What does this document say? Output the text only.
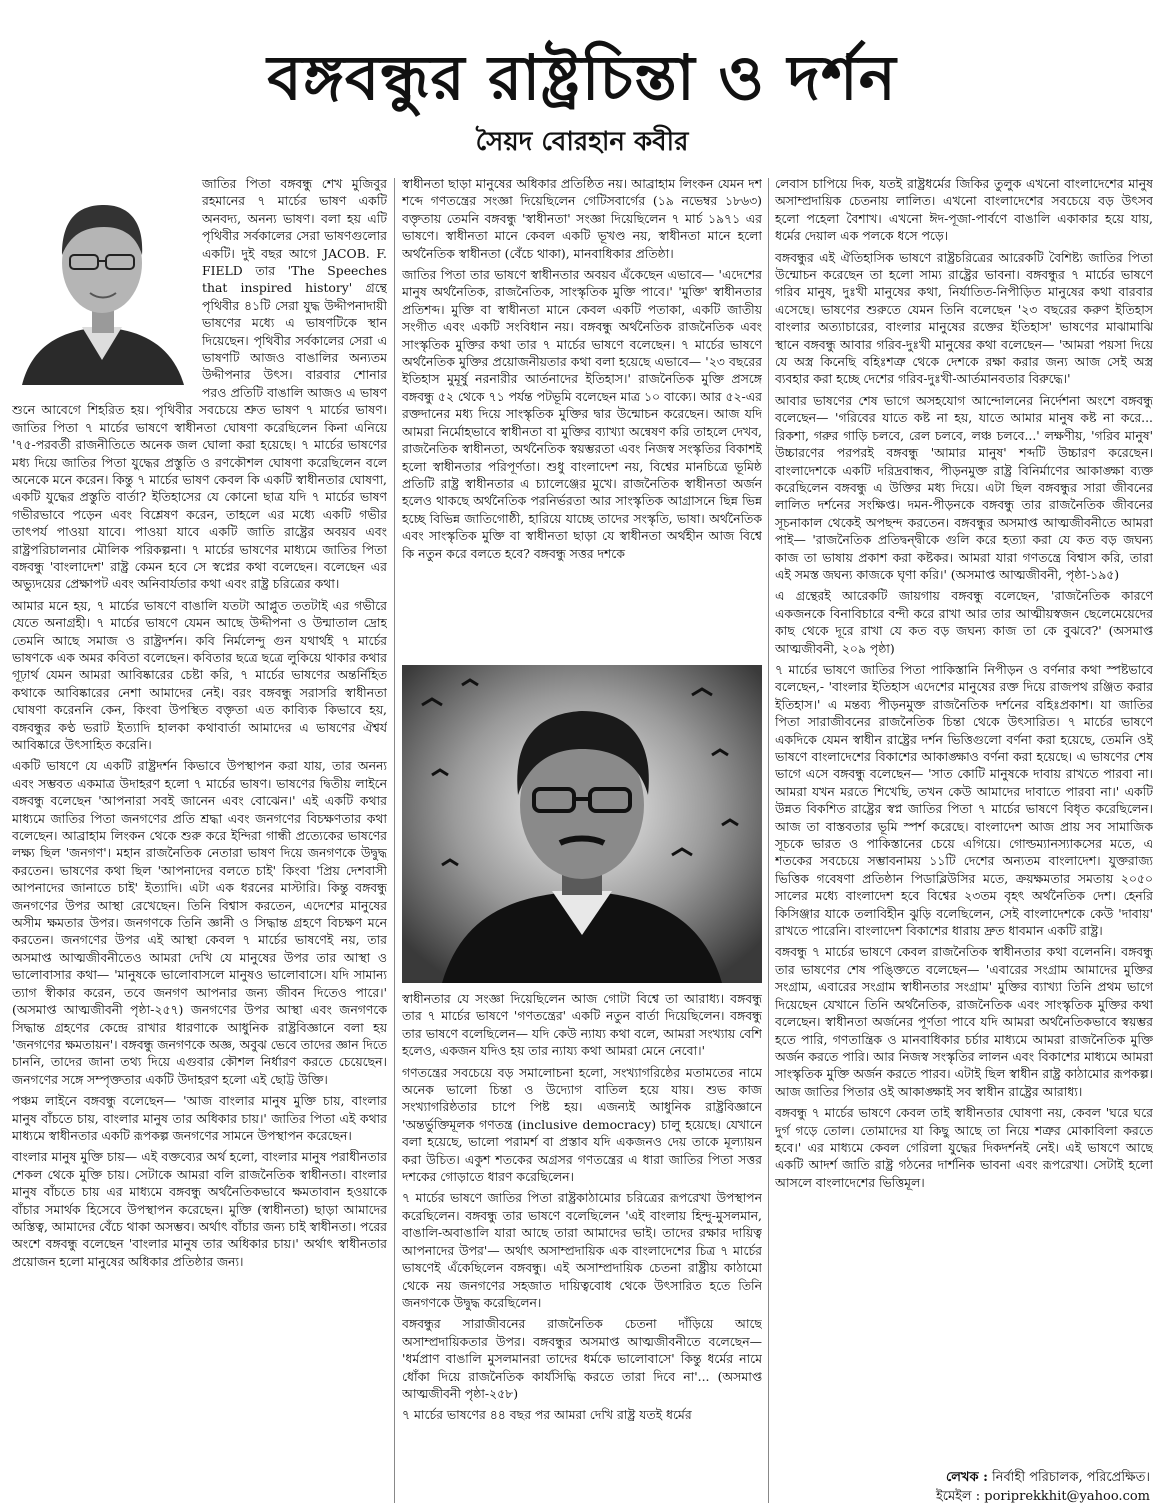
বঙ্গবন্ধুর রাষ্ট্রচিন্তা ও দর্শন
সৈয়দ বোরহান কবীর

জাতির পিতা বঙ্গবন্ধু শেখ মুজিবুর রহমানের ৭ মার্চের ভাষণ একটি অনবদ্য, অনন্য ভাষণ। বলা হয় এটি পৃথিবীর সর্বকালের সেরা ভাষণগুলোর একটি। দুই বছর আগে JACOB. F. FIELD তার 'The Speeches that inspired history' গ্রন্থে পৃথিবীর ৪১টি সেরা যুদ্ধ উদ্দীপনাদায়ী ভাষণের মধ্যে এ ভাষণটিকে স্থান দিয়েছেন। পৃথিবীর সর্বকালের সেরা এ ভাষণটি আজও বাঙালির অন্যতম উদ্দীপনার উৎস। বারবার শোনার পরও প্রতিটি বাঙালি আজও এ ভাষণ শুনে আবেগে শিহরিত হয়। পৃথিবীর সবচেয়ে শ্রুত ভাষণ ৭ মার্চের ভাষণ। জাতির পিতা ৭ মার্চের ভাষণে স্বাধীনতা ঘোষণা করেছিলেন কিনা এনিয়ে '৭৫-পরবর্তী রাজনীতিতে অনেক জল ঘোলা করা হয়েছে। ৭ মার্চের ভাষণের মধ্য দিয়ে জাতির পিতা যুদ্ধের প্রস্তুতি ও রণকৌশল ঘোষণা করেছিলেন বলে অনেকে মনে করেন। কিন্তু ৭ মার্চের ভাষণ কেবল কি একটি স্বাধীনতার ঘোষণা, একটি যুদ্ধের প্রস্তুতি বার্তা? ইতিহাসের যে কোনো ছাত্র যদি ৭ মার্চের ভাষণ গভীরভাবে পড়েন এবং বিশ্লেষণ করেন, তাহলে এর মধ্যে একটি গভীর তাৎপর্য পাওয়া যাবে। পাওয়া যাবে একটি জাতি রাষ্ট্রের অবয়ব এবং রাষ্ট্রপরিচালনার মৌলিক পরিকল্পনা। ৭ মার্চের ভাষণের মাধ্যমে জাতির পিতা বঙ্গবন্ধু 'বাংলাদেশ' রাষ্ট্র কেমন হবে সে স্বপ্নের কথা বলেছেন। বলেছেন এর অভ্যুদয়ের প্রেক্ষাপট এবং অনিবার্যতার কথা এবং রাষ্ট্র চরিত্রের কথা।

আমার মনে হয়, ৭ মার্চের ভাষণে বাঙালি যতটা আপ্লুত ততটাই এর গভীরে যেতে অনাগ্রহী। ৭ মার্চের ভাষণে যেমন আছে উদ্দীপনা ও উন্মাতাল দ্রোহ তেমনি আছে সমাজ ও রাষ্ট্রদর্শন। কবি নির্মলেন্দু গুন যথার্থই ৭ মার্চের ভাষণকে এক অমর কবিতা বলেছেন। কবিতার ছত্রে ছত্রে লুকিয়ে থাকার কথার গূঢ়ার্থ যেমন আমরা আবিষ্কারের চেষ্টা করি, ৭ মার্চের ভাষণের অন্তর্নিহিত কথাকে আবিষ্কারের নেশা আমাদের নেই। বরং বঙ্গবন্ধু সরাসরি স্বাধীনতা ঘোষণা করেননি কেন, কিংবা উপস্থিত বক্তৃতা এত কাব্যিক কিভাবে হয়, বঙ্গবন্ধুর কণ্ঠ ভরাট ইত্যাদি হালকা কথাবার্তা আমাদের এ ভাষণের ঐশ্বর্য আবিষ্কারে উৎসাহিত করেনি।

একটি ভাষণে যে একটি রাষ্ট্রদর্শন কিভাবে উপস্থাপন করা যায়, তার অনন্য এবং সম্ভবত একমাত্র উদাহরণ হলো ৭ মার্চের ভাষণ। ভাষণের দ্বিতীয় লাইনে বঙ্গবন্ধু বলেছেন 'আপনারা সবই জানেন এবং বোঝেন।' এই একটি কথার মাধ্যমে জাতির পিতা জনগণের প্রতি শ্রদ্ধা এবং জনগণের বিচক্ষণতার কথা বলেছেন। আব্রাহাম লিংকন থেকে শুরু করে ইন্দিরা গান্ধী প্রত্যেকের ভাষণের লক্ষ্য ছিল 'জনগণ'। মহান রাজনৈতিক নেতারা ভাষণ দিয়ে জনগণকে উদ্বুদ্ধ করতেন। ভাষণের কথা ছিল 'আপনাদের বলতে চাই' কিংবা 'প্রিয় দেশবাসী আপনাদের জানাতে চাই' ইত্যাদি। এটা এক ধরনের মাস্টারি। কিন্তু বঙ্গবন্ধু জনগণের উপর আস্থা রেখেছেন। তিনি বিশ্বাস করতেন, এদেশের মানুষের অসীম ক্ষমতার উপর। জনগণকে তিনি জ্ঞানী ও সিদ্ধান্ত গ্রহণে বিচক্ষণ মনে করতেন। জনগণের উপর এই আস্থা কেবল ৭ মার্চের ভাষণেই নয়, তার অসমাপ্ত আত্মজীবনীতেও আমরা দেখি যে মানুষের উপর তার আস্থা ও ভালোবাসার কথা— 'মানুষকে ভালোবাসলে মানুষও ভালোবাসে। যদি সামান্য ত্যাগ স্বীকার করেন, তবে জনগণ আপনার জন্য জীবন দিতেও পারে।' (অসমাপ্ত আত্মজীবনী পৃষ্ঠা-২৫৭) জনগণের উপর আস্থা এবং জনগণকে সিদ্ধান্ত গ্রহণের কেন্দ্রে রাখার ধারণাকে আধুনিক রাষ্ট্রবিজ্ঞানে বলা হয় 'জনগণের ক্ষমতায়ন'। বঙ্গবন্ধু জনগণকে অজ্ঞ, অবুঝ ভেবে তাদের জ্ঞান দিতে চাননি, তাদের জানা তথ্য দিয়ে এগুবার কৌশল নির্ধারণ করতে চেয়েছেন। জনগণের সঙ্গে সম্পৃক্ততার একটি উদাহরণ হলো এই ছোট্ট উক্তি।

পঞ্চম লাইনে বঙ্গবন্ধু বলেছেন— 'আজ বাংলার মানুষ মুক্তি চায়, বাংলার মানুষ বাঁচতে চায়, বাংলার মানুষ তার অধিকার চায়।' জাতির পিতা এই কথার মাধ্যমে স্বাধীনতার একটি রূপকল্প জনগণের সামনে উপস্থাপন করেছেন।

বাংলার মানুষ মুক্তি চায়— এই বক্তব্যের অর্থ হলো, বাংলার মানুষ পরাধীনতার শেকল থেকে মুক্তি চায়। সেটাকে আমরা বলি রাজনৈতিক স্বাধীনতা। বাংলার মানুষ বাঁচতে চায় এর মাধ্যমে বঙ্গবন্ধু অর্থনৈতিকভাবে ক্ষমতাবান হওয়াকে বাঁচার সমার্থক হিসেবে উপস্থাপন করেছেন। মুক্তি (স্বাধীনতা) ছাড়া আমাদের অস্তিত্ব, আমাদের বেঁচে থাকা অসম্ভব। অর্থাৎ বাঁচার জন্য চাই স্বাধীনতা। পরের অংশে বঙ্গবন্ধু বলেছেন 'বাংলার মানুষ তার অধিকার চায়।' অর্থাৎ স্বাধীনতার প্রয়োজন হলো মানুষের অধিকার প্রতিষ্ঠার জন্য।

স্বাধীনতা ছাড়া মানুষের অধিকার প্রতিষ্ঠিত নয়। আব্রাহাম লিংকন যেমন দশ শব্দে গণতন্ত্রের সংজ্ঞা দিয়েছিলেন গেটিসবার্গের (১৯ নভেম্বর ১৮৬৩) বক্তৃতায় তেমনি বঙ্গবন্ধু 'স্বাধীনতা' সংজ্ঞা দিয়েছিলেন ৭ মার্চ ১৯৭১ এর ভাষণে। স্বাধীনতা মানে কেবল একটি ভূখণ্ড নয়, স্বাধীনতা মানে হলো অর্থনৈতিক স্বাধীনতা (বেঁচে থাকা), মানবাধিকার প্রতিষ্ঠা।

জাতির পিতা তার ভাষণে স্বাধীনতার অবয়ব এঁকেছেন এভাবে— 'এদেশের মানুষ অর্থনৈতিক, রাজনৈতিক, সাংস্কৃতিক মুক্তি পাবে।' 'মুক্তি' স্বাধীনতার প্রতিশব্দ। মুক্তি বা স্বাধীনতা মানে কেবল একটি পতাকা, একটি জাতীয় সংগীত এবং একটি সংবিধান নয়। বঙ্গবন্ধু অর্থনৈতিক রাজনৈতিক এবং সাংস্কৃতিক মুক্তির কথা তার ৭ মার্চের ভাষণে বলেছেন। ৭ মার্চের ভাষণে অর্থনৈতিক মুক্তির প্রয়োজনীয়তার কথা বলা হয়েছে এভাবে— '২৩ বছরের ইতিহাস মুমূর্ষু নরনারীর আর্তনাদের ইতিহাস।' রাজনৈতিক মুক্তি প্রসঙ্গে বঙ্গবন্ধু ৫২ থেকে ৭১ পর্যন্ত পটভূমি বলেছেন মাত্র ১০ বাক্যে। আর ৫২-এর রক্তদানের মধ্য দিয়ে সাংস্কৃতিক মুক্তির দ্বার উন্মোচন করেছেন। আজ যদি আমরা নির্মোহভাবে স্বাধীনতা বা মুক্তির ব্যাখ্যা অন্বেষণ করি তাহলে দেখব, রাজনৈতিক স্বাধীনতা, অর্থনৈতিক স্বয়ম্ভরতা এবং নিজস্ব সংস্কৃতির বিকাশই হলো স্বাধীনতার পরিপূর্ণতা। শুধু বাংলাদেশ নয়, বিশ্বের মানচিত্রে ভূমিষ্ঠ প্রতিটি রাষ্ট্র স্বাধীনতার এ চ্যালেঞ্জের মুখে। রাজনৈতিক স্বাধীনতা অর্জন হলেও থাকছে অর্থনৈতিক পরনির্ভরতা আর সাংস্কৃতিক আগ্রাসনে ছিন্ন ভিন্ন হচ্ছে বিভিন্ন জাতিগোষ্ঠী, হারিয়ে যাচ্ছে তাদের সংস্কৃতি, ভাষা। অর্থনৈতিক এবং সাংস্কৃতিক মুক্তি বা স্বাধীনতা ছাড়া যে স্বাধীনতা অর্থহীন আজ বিশ্বে কি নতুন করে বলতে হবে? বঙ্গবন্ধু সত্তর দশকে

স্বাধীনতার যে সংজ্ঞা দিয়েছিলেন আজ গোটা বিশ্বে তা আরাধ্য। বঙ্গবন্ধু তার ৭ মার্চের ভাষণে 'গণতন্ত্রের' একটি নতুন বার্তা দিয়েছিলেন। বঙ্গবন্ধু তার ভাষণে বলেছিলেন— যদি কেউ ন্যায্য কথা বলে, আমরা সংখ্যায় বেশি হলেও, একজন যদিও হয় তার ন্যায্য কথা আমরা মেনে নেবো।'

গণতন্ত্রের সবচেয়ে বড় সমালোচনা হলো, সংখ্যাগরিষ্ঠের মতামতের নামে অনেক ভালো চিন্তা ও উদ্যোগ বাতিল হয়ে যায়। শুভ কাজ সংখ্যাগরিষ্ঠতার চাপে পিষ্ট হয়। এজন্যই আধুনিক রাষ্ট্রবিজ্ঞানে 'অন্তর্ভুক্তিমূলক গণতন্ত্র (inclusive democracy) চালু হয়েছে। যেখানে বলা হয়েছে, ভালো পরামর্শ বা প্রস্তাব যদি একজনও দেয় তাকে মূল্যায়ন করা উচিত। একুশ শতকের অগ্রসর গণতন্ত্রের এ ধারা জাতির পিতা সত্তর দশকের গোড়াতে ধারণ করেছিলেন।

৭ মার্চের ভাষণে জাতির পিতা রাষ্ট্রকাঠামোর চরিত্রের রূপরেখা উপস্থাপন করেছিলেন। বঙ্গবন্ধু তার ভাষণে বলেছিলেন 'এই বাংলায় হিন্দু-মুসলমান, বাঙালি-অবাঙালি যারা আছে তারা আমাদের ভাই। তাদের রক্ষার দায়িত্ব আপনাদের উপর'— অর্থাৎ অসাম্প্রদায়িক এক বাংলাদেশের চিত্র ৭ মার্চের ভাষণেই এঁকেছিলেন বঙ্গবন্ধু। এই অসাম্প্রদায়িক চেতনা রাষ্ট্রীয় কাঠামো থেকে নয় জনগণের সহজাত দায়িত্ববোধ থেকে উৎসারিত হতে তিনি জনগণকে উদ্বুদ্ধ করেছিলেন।

বঙ্গবন্ধুর সারাজীবনের রাজনৈতিক চেতনা দাঁড়িয়ে আছে অসাম্প্রদায়িকতার উপর। বঙ্গবন্ধুর অসমাপ্ত আত্মজীবনীতে বলেছেন— 'ধর্মপ্রাণ বাঙালি মুসলমানরা তাদের ধর্মকে ভালোবাসে' কিন্তু ধর্মের নামে ধোঁকা দিয়ে রাজনৈতিক কার্যসিদ্ধি করতে তারা দিবে না'... (অসমাপ্ত আত্মজীবনী পৃষ্ঠা-২৫৮)

৭ মার্চের ভাষণের ৪৪ বছর পর আমরা দেখি রাষ্ট্র যতই ধর্মের

লেবাস চাপিয়ে দিক, যতই রাষ্ট্রধর্মের জিকির তুলুক এখনো বাংলাদেশের মানুষ অসাম্প্রদায়িক চেতনায় লালিত। এখনো বাংলাদেশের সবচেয়ে বড় উৎসব হলো পহেলা বৈশাখ। এখনো ঈদ-পূজা-পার্বণে বাঙালি একাকার হয়ে যায়, ধর্মের দেয়াল এক পলকে ধসে পড়ে।

বঙ্গবন্ধুর এই ঐতিহাসিক ভাষণে রাষ্ট্রচরিত্রের আরেকটি বৈশিষ্ট্য জাতির পিতা উন্মোচন করেছেন তা হলো সাম্য রাষ্ট্রের ভাবনা। বঙ্গবন্ধুর ৭ মার্চের ভাষণে গরিব মানুষ, দুঃখী মানুষের কথা, নির্যাতিত-নিপীড়িত মানুষের কথা বারবার এসেছে। ভাষণের শুরুতে যেমন তিনি বলেছেন '২৩ বছরের করুণ ইতিহাস বাংলার অত্যাচারের, বাংলার মানুষের রক্তের ইতিহাস' ভাষণের মাঝামাঝি স্থানে বঙ্গবন্ধু আবার গরিব-দুঃখী মানুষের কথা বলেছেন— 'আমরা পয়সা দিয়ে যে অস্ত্র কিনেছি বহিঃশত্রু থেকে দেশকে রক্ষা করার জন্য আজ সেই অস্ত্র ব্যবহার করা হচ্ছে দেশের গরিব-দুঃখী-আর্তমানবতার বিরুদ্ধে।'

আবার ভাষণের শেষ ভাগে অসহযোগ আন্দোলনের নির্দেশনা অংশে বঙ্গবন্ধু বলেছেন— 'গরিবের যাতে কষ্ট না হয়, যাতে আমার মানুষ কষ্ট না করে... রিকশা, গরুর গাড়ি চলবে, রেল চলবে, লঞ্চ চলবে...' লক্ষণীয়, 'গরিব মানুষ' উচ্চারণের পরপরই বঙ্গবন্ধু 'আমার মানুষ' শব্দটি উচ্চারণ করেছেন। বাংলাদেশকে একটি দরিদ্রবান্ধব, পীড়নমুক্ত রাষ্ট্র বিনির্মাণের আকাঙ্ক্ষা ব্যক্ত করেছিলেন বঙ্গবন্ধু এ উক্তির মধ্য দিয়ে। এটা ছিল বঙ্গবন্ধুর সারা জীবনের লালিত দর্শনের সংক্ষিপ্ত। দমন-পীড়নকে বঙ্গবন্ধু তার রাজনৈতিক জীবনের সূচনাকাল থেকেই অপছন্দ করতেন। বঙ্গবন্ধুর অসমাপ্ত আত্মজীবনীতে আমরা পাই— 'রাজনৈতিক প্রতিদ্বন্দ্বীকে গুলি করে হত্যা করা যে কত বড় জঘন্য কাজ তা ভাষায় প্রকাশ করা কষ্টকর। আমরা যারা গণতন্ত্রে বিশ্বাস করি, তারা এই সমস্ত জঘন্য কাজকে ঘৃণা করি।' (অসমাপ্ত আত্মজীবনী, পৃষ্ঠা-১৯৫)

এ গ্রন্থেরই আরেকটি জায়গায় বঙ্গবন্ধু বলেছেন, 'রাজনৈতিক কারণে একজনকে বিনাবিচারে বন্দী করে রাখা আর তার আত্মীয়স্বজন ছেলেমেয়েদের কাছ থেকে দূরে রাখা যে কত বড় জঘন্য কাজ তা কে বুঝবে?' (অসমাপ্ত আত্মজীবনী, ২০৯ পৃষ্ঠা)

৭ মার্চের ভাষণে জাতির পিতা পাকিস্তানি নিপীড়ন ও বর্ণনার কথা স্পষ্টভাবে বলেছেন,- 'বাংলার ইতিহাস এদেশের মানুষের রক্ত দিয়ে রাজপথ রঞ্জিত করার ইতিহাস।' এ মন্তব্য পীড়নমুক্ত রাজনৈতিক দর্শনের বহিঃপ্রকাশ। যা জাতির পিতা সারাজীবনের রাজনৈতিক চিন্তা থেকে উৎসারিত। ৭ মার্চের ভাষণে একদিকে যেমন স্বাধীন রাষ্ট্রের দর্শন ভিত্তিগুলো বর্ণনা করা হয়েছে, তেমনি ওই ভাষণে বাংলাদেশের বিকাশের আকাঙ্ক্ষাও বর্ণনা করা হয়েছে। এ ভাষণের শেষ ভাগে এসে বঙ্গবন্ধু বলেছেন— 'সাত কোটি মানুষকে দাবায় রাখতে পারবা না। আমরা যখন মরতে শিখেছি, তখন কেউ আমাদের দাবাতে পারবা না।' একটি উন্নত বিকশিত রাষ্ট্রের স্বপ্ন জাতির পিতা ৭ মার্চের ভাষণে বিধৃত করেছিলেন। আজ তা বাস্তবতার ভূমি স্পর্শ করেছে। বাংলাদেশ আজ প্রায় সব সামাজিক সূচকে ভারত ও পাকিস্তানের চেয়ে এগিয়ে। গোল্ডম্যানস্যাকসের মতে, এ শতকের সবচেয়ে সম্ভাবনাময় ১১টি দেশের অন্যতম বাংলাদেশ। যুক্তরাজ্য ভিত্তিক গবেষণা প্রতিষ্ঠান পিডাব্লিউসির মতে, ক্রয়ক্ষমতার সমতায় ২০৫০ সালের মধ্যে বাংলাদেশ হবে বিশ্বের ২৩তম বৃহৎ অর্থনৈতিক দেশ। হেনরি কিসিঞ্জার যাকে তলাবিহীন ঝুড়ি বলেছিলেন, সেই বাংলাদেশকে কেউ 'দাবায়' রাখতে পারেনি। বাংলাদেশ বিকাশের ধারায় দ্রুত ধাবমান একটি রাষ্ট্র।

বঙ্গবন্ধু ৭ মার্চের ভাষণে কেবল রাজনৈতিক স্বাধীনতার কথা বলেননি। বঙ্গবন্ধু তার ভাষণের শেষ পঙ্ক্তিতে বলেছেন— 'এবারের সংগ্রাম আমাদের মুক্তির সংগ্রাম, এবারের সংগ্রাম স্বাধীনতার সংগ্রাম' মুক্তির ব্যাখ্যা তিনি প্রথম ভাগে দিয়েছেন যেখানে তিনি অর্থনৈতিক, রাজনৈতিক এবং সাংস্কৃতিক মুক্তির কথা বলেছেন। স্বাধীনতা অর্জনের পূর্ণতা পাবে যদি আমরা অর্থনৈতিকভাবে স্বয়ম্ভর হতে পারি, গণতান্ত্রিক ও মানবাধিকার চর্চার মাধ্যমে আমরা রাজনৈতিক মুক্তি অর্জন করতে পারি। আর নিজস্ব সংস্কৃতির লালন এবং বিকাশের মাধ্যমে আমরা সাংস্কৃতিক মুক্তি অর্জন করতে পারব। এটাই ছিল স্বাধীন রাষ্ট্র কাঠামোর রূপকল্প। আজ জাতির পিতার ওই আকাঙ্ক্ষাই সব স্বাধীন রাষ্ট্রের আরাধ্য।

বঙ্গবন্ধু ৭ মার্চের ভাষণে কেবল তাই স্বাধীনতার ঘোষণা নয়, কেবল 'ঘরে ঘরে দুর্গ গড়ে তোল। তোমাদের যা কিছু আছে তা নিয়ে শত্রুর মোকাবিলা করতে হবে।' এর মাধ্যমে কেবল গেরিলা যুদ্ধের দিকদর্শনই নেই। এই ভাষণে আছে একটি আদর্শ জাতি রাষ্ট্র গঠনের দার্শনিক ভাবনা এবং রূপরেখা। সেটাই হলো আসলে বাংলাদেশের ভিত্তিমূল।

লেখক : নির্বাহী পরিচালক, পরিপ্রেক্ষিত।
ইমেইল : poriprekkhit@yahoo.com
